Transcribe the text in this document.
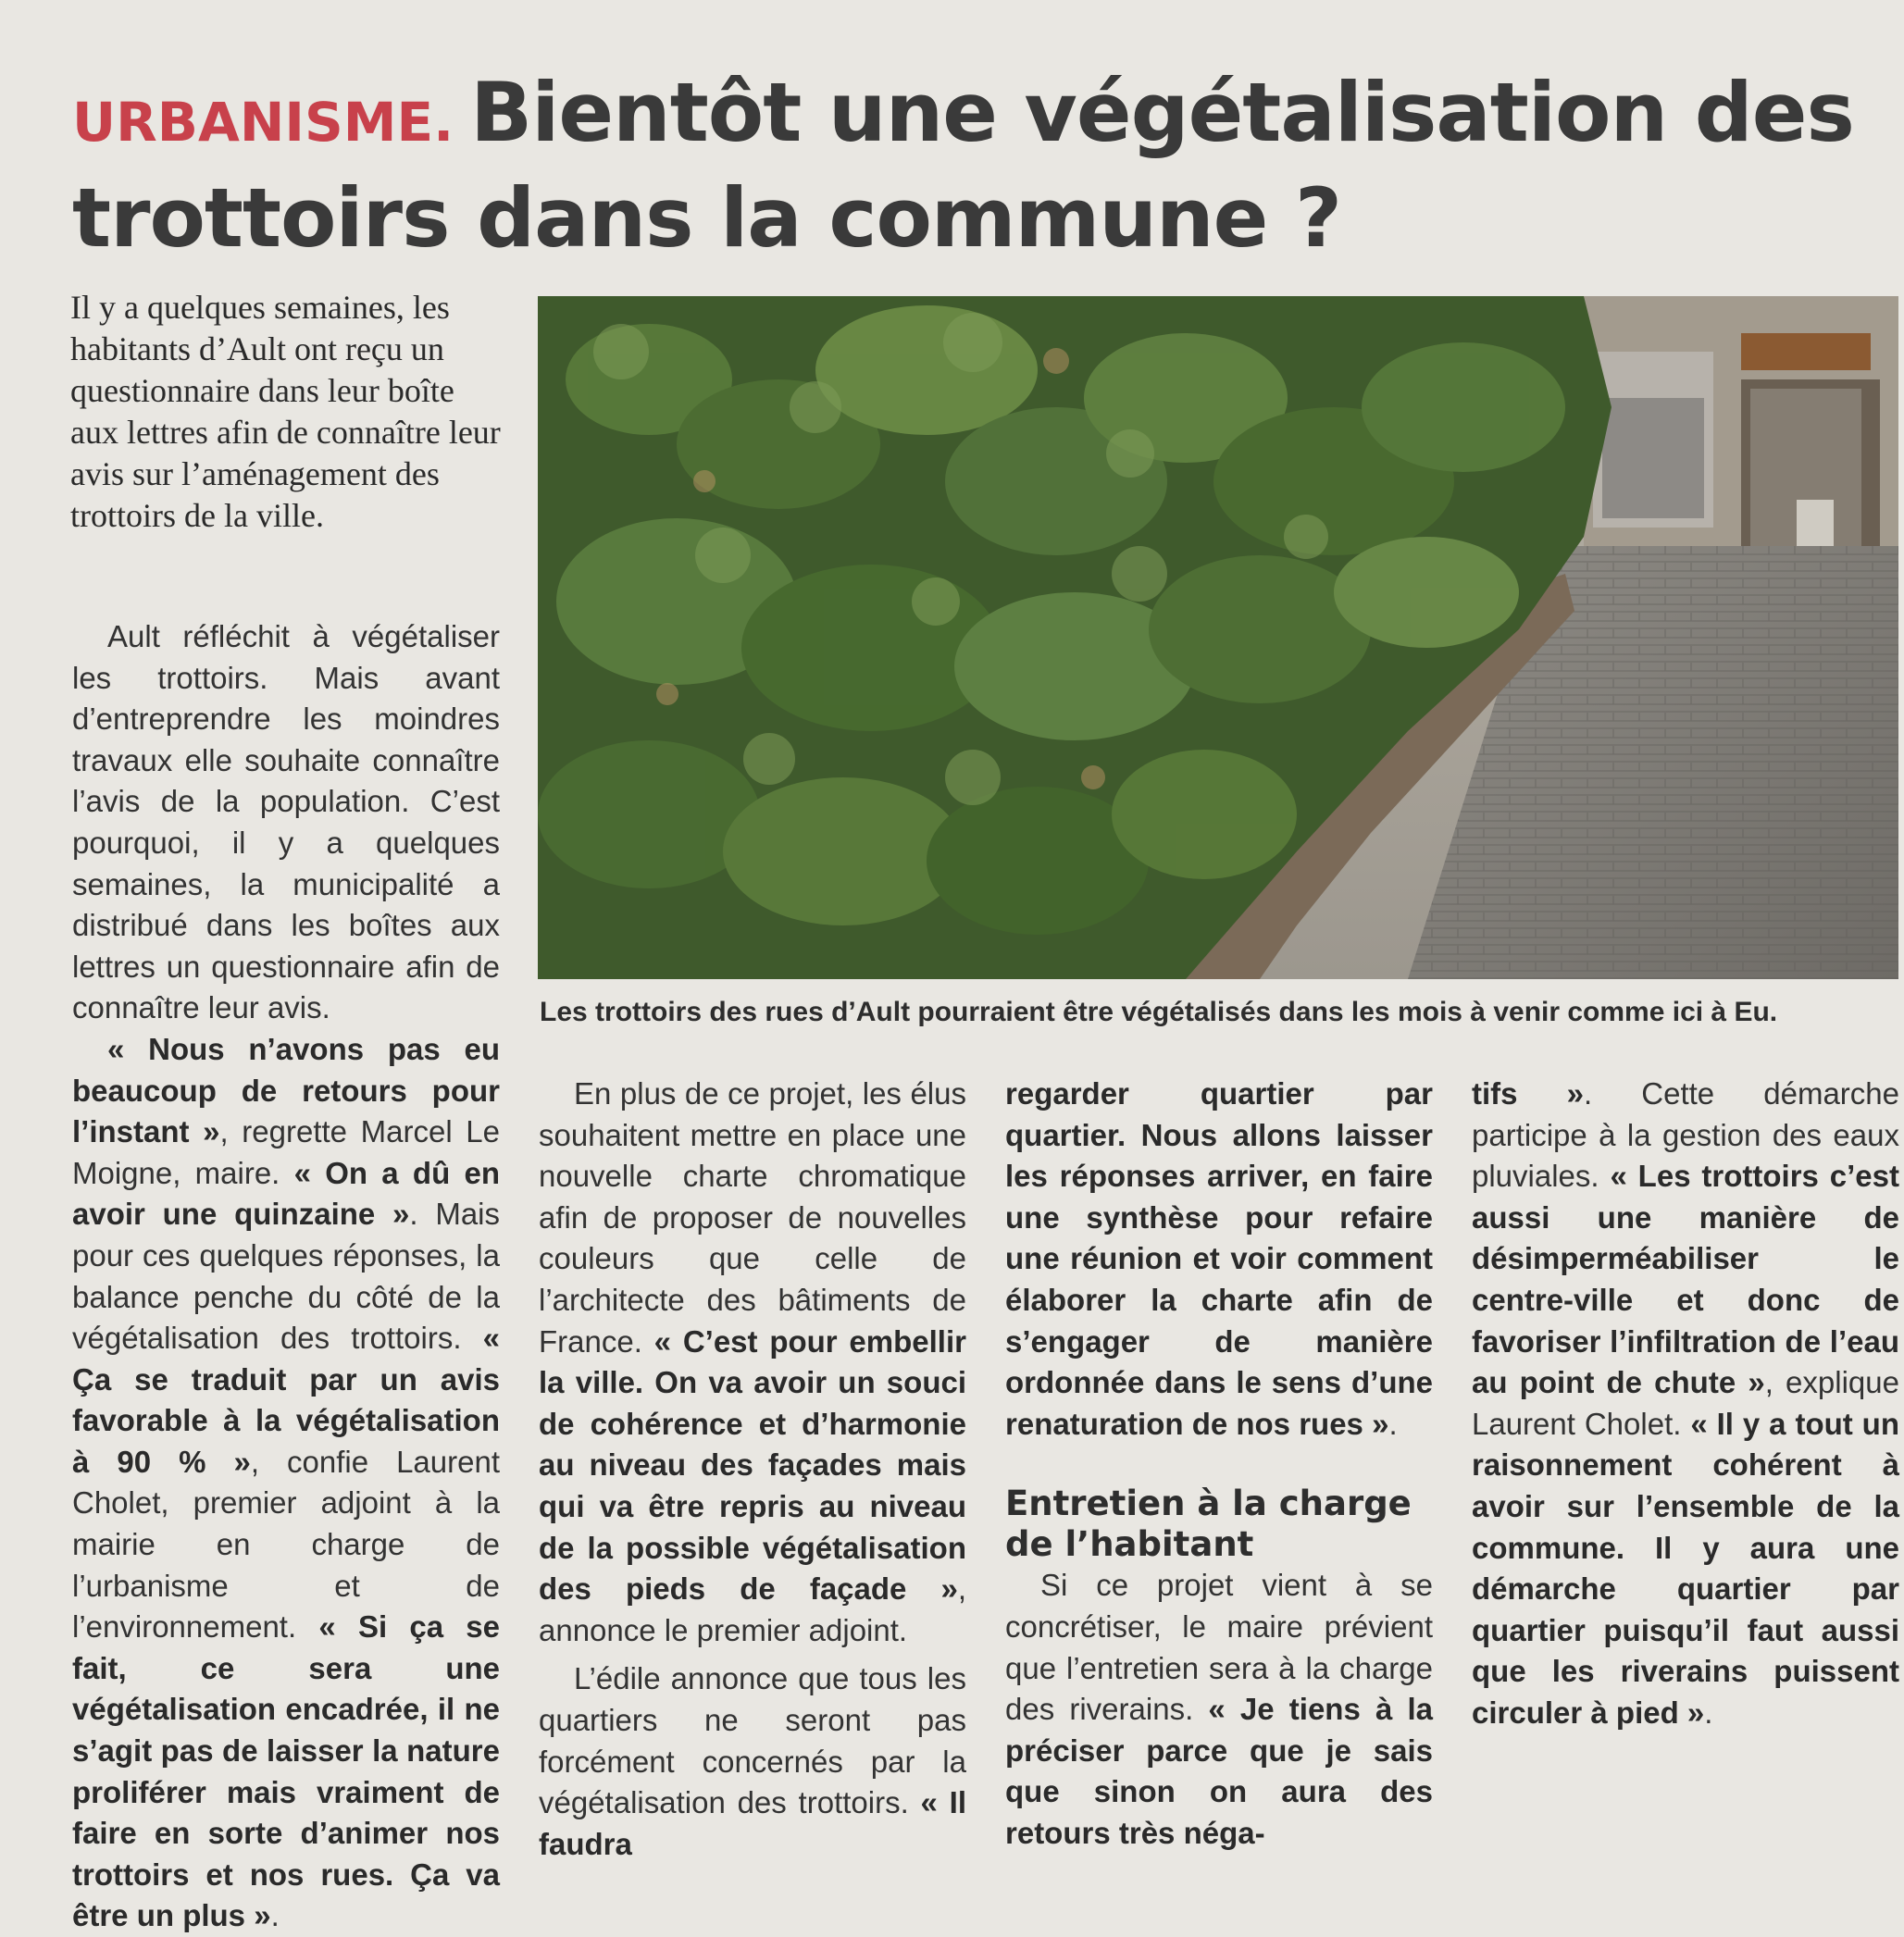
URBANISME. Bientôt une végétalisation des trottoirs dans la commune ?

Il y a quelques semaines, les habitants d’Ault ont reçu un questionnaire dans leur boîte aux lettres afin de connaître leur avis sur l’aménagement des trottoirs de la ville.

Les trottoirs des rues d’Ault pourraient être végétalisés dans les mois à venir comme ici à Eu.

Ault réfléchit à végétaliser les trottoirs. Mais avant d’entreprendre les moindres travaux elle souhaite connaître l’avis de la population. C’est pourquoi, il y a quelques semaines, la municipalité a distribué dans les boîtes aux lettres un questionnaire afin de connaître leur avis.

« Nous n’avons pas eu beaucoup de retours pour l’instant », regrette Marcel Le Moigne, maire. « On a dû en avoir une quinzaine ». Mais pour ces quelques réponses, la balance penche du côté de la végétalisation des trottoirs. « Ça se traduit par un avis favorable à la végétalisation à 90 % », confie Laurent Cholet, premier adjoint à la mairie en charge de l’urbanisme et de l’environnement. « Si ça se fait, ce sera une végétalisation encadrée, il ne s’agit pas de laisser la nature proliférer mais vraiment de faire en sorte d’animer nos trottoirs et nos rues. Ça va être un plus ».

En plus de ce projet, les élus souhaitent mettre en place une nouvelle charte chromatique afin de proposer de nouvelles couleurs que celle de l’architecte des bâtiments de France. « C’est pour embellir la ville. On va avoir un souci de cohérence et d’harmonie au niveau des façades mais qui va être repris au niveau de la possible végétalisation des pieds de façade », annonce le premier adjoint.

L’édile annonce que tous les quartiers ne seront pas forcément concernés par la végétalisation des trottoirs. « Il faudra

regarder quartier par quartier. Nous allons laisser les réponses arriver, en faire une synthèse pour refaire une réunion et voir comment élaborer la charte afin de s’engager de manière ordonnée dans le sens d’une renaturation de nos rues ».

Entretien à la charge de l’habitant

Si ce projet vient à se concrétiser, le maire prévient que l’entretien sera à la charge des riverains. « Je tiens à la préciser parce que je sais que sinon on aura des retours très néga-

tifs ». Cette démarche participe à la gestion des eaux pluviales. « Les trottoirs c’est aussi une manière de désimperméabiliser le centre-ville et donc de favoriser l’infiltration de l’eau au point de chute », explique Laurent Cholet. « Il y a tout un raisonnement cohérent à avoir sur l’ensemble de la commune. Il y aura une démarche quartier par quartier puisqu’il faut aussi que les riverains puissent circuler à pied ».
